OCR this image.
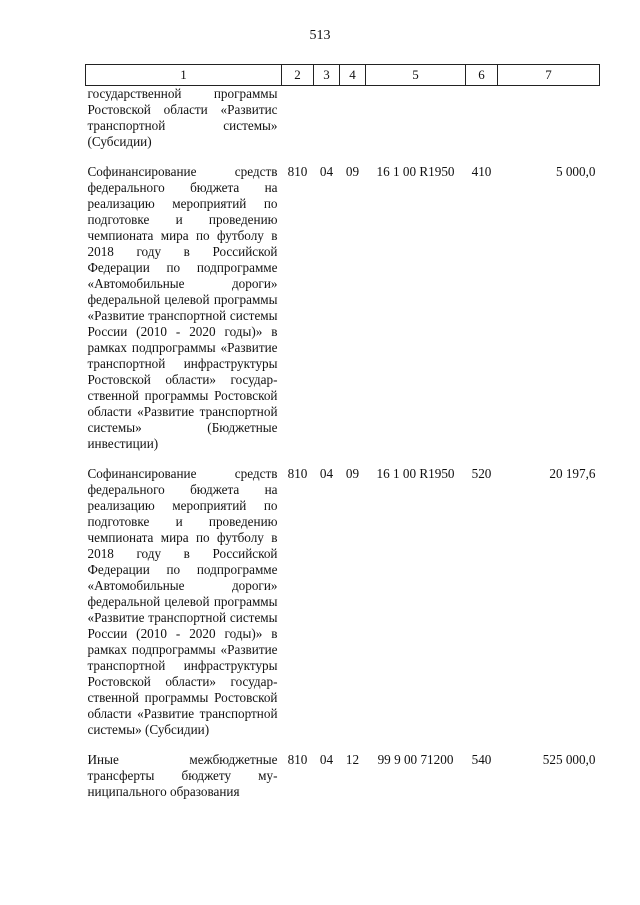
513
1	2	3	4	5	6	7
государственной программы Ростовской области «Развитис транспортной системы» (Субсидии)						
Софинансирование средств федерального бюджета на реализацию мероприятий по подготовке и проведению чемпионата мира по футболу в 2018 году в Российской Федерации по подпрограмме «Автомобильные дороги» федеральной целевой программы «Развитие транспортной системы России (2010 - 2020 годы)» в рамках подпрограммы «Развитие транспортной инфраструктуры Ростовской области» государственной программы Ростовской области «Развитие транспортной системы» (Бюджетные инвестиции)	810	04	09	16 1 00 R1950	410	5 000,0
Софинансирование средств федерального бюджета на реализацию мероприятий по подготовке и проведению чемпионата мира по футболу в 2018 году в Российской Федерации по подпрограмме «Автомобильные дороги» федеральной целевой программы «Развитие транспортной системы России (2010 - 2020 годы)» в рамках подпрограммы «Развитие транспортной инфраструктуры Ростовской области» государственной программы Ростовской области «Развитие транспортной системы» (Субсидии)	810	04	09	16 1 00 R1950	520	20 197,6
Иные межбюджетные трансферты бюджету муниципального образования	810	04	12	99 9 00 71200	540	525 000,0
